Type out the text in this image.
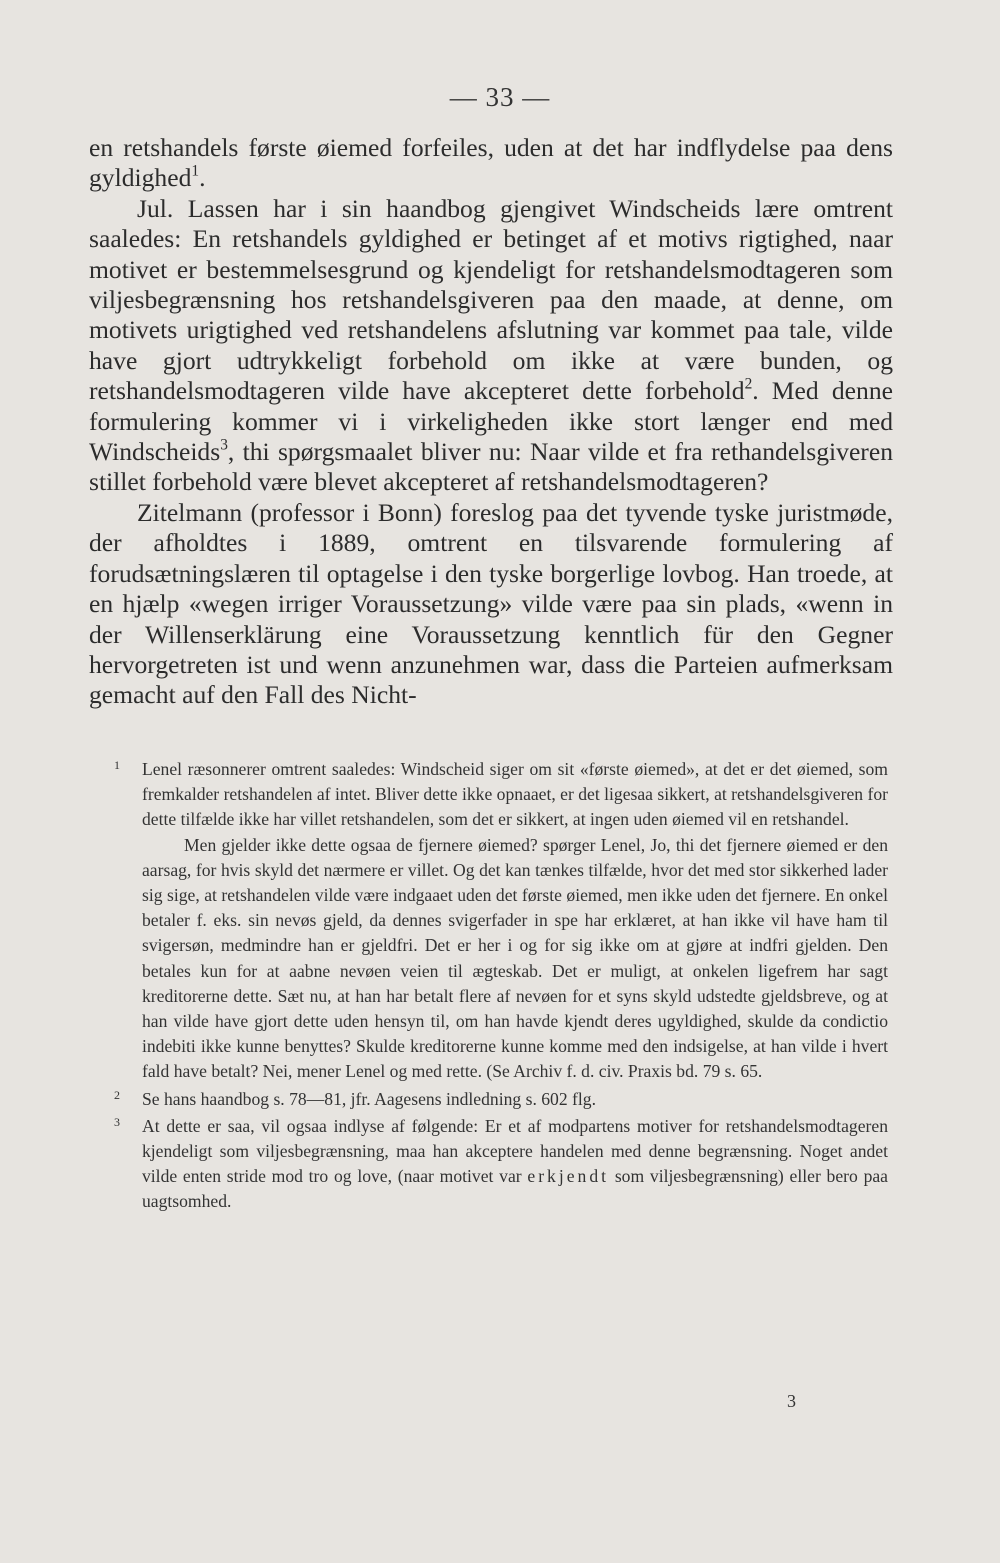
— 33 —

en retshandels første øiemed forfeiles, uden at det har indflydelse paa dens gyldighed$^1$.

Jul. Lassen har i sin haandbog gjengivet Windscheids lære omtrent saaledes: En retshandels gyldighed er betinget af et motivs rigtighed, naar motivet er bestemmelsesgrund og kjendeligt for retshandelsmodtageren som viljesbegrænsning hos retshandelsgiveren paa den maade, at denne, om motivets urigtighed ved retshandelens afslutning var kommet paa tale, vilde have gjort udtrykkeligt forbehold om ikke at være bunden, og retshandelsmodtageren vilde have akcepteret dette forbehold$^2$. Med denne formulering kommer vi i virkeligheden ikke stort længer end med Windscheids$^3$, thi spørgsmaalet bliver nu: Naar vilde et fra rethandelsgiveren stillet forbehold være blevet akcepteret af retshandelsmodtageren?

Zitelmann (professor i Bonn) foreslog paa det tyvende tyske juristmøde, der afholdtes i 1889, omtrent en tilsvarende formulering af forudsætningslæren til optagelse i den tyske borgerlige lovbog. Han troede, at en hjælp «wegen irriger Voraussetzung» vilde være paa sin plads, «wenn in der Willenserklärung eine Voraussetzung kenntlich für den Gegner hervorgetreten ist und wenn anzunehmen war, dass die Parteien aufmerksam gemacht auf den Fall des Nicht-

1 Lenel ræsonnerer omtrent saaledes: Windscheid siger om sit «første øiemed», at det er det øiemed, som fremkalder retshandelen af intet. Bliver dette ikke opnaaet, er det ligesaa sikkert, at retshandelsgiveren for dette tilfælde ikke har villet retshandelen, som det er sikkert, at ingen uden øiemed vil en retshandel.

Men gjelder ikke dette ogsaa de fjernere øiemed? spørger Lenel, Jo, thi det fjernere øiemed er den aarsag, for hvis skyld det nærmere er villet. Og det kan tænkes tilfælde, hvor det med stor sikkerhed lader sig sige, at retshandelen vilde være indgaaet uden det første øiemed, men ikke uden det fjernere. En onkel betaler f. eks. sin nevøs gjeld, da dennes svigerfader in spe har erklæret, at han ikke vil have ham til svigersøn, medmindre han er gjeldfri. Det er her i og for sig ikke om at gjøre at indfri gjelden. Den betales kun for at aabne nevøen veien til ægteskab. Det er muligt, at onkelen ligefrem har sagt kreditorerne dette. Sæt nu, at han har betalt flere af nevøen for et syns skyld udstedte gjeldsbreve, og at han vilde have gjort dette uden hensyn til, om han havde kjendt deres ugyldighed, skulde da condictio indebiti ikke kunne benyttes? Skulde kreditorerne kunne komme med den indsigelse, at han vilde i hvert fald have betalt? Nei, mener Lenel og med rette. (Se Archiv f. d. civ. Praxis bd. 79 s. 65.

2 Se hans haandbog s. 78—81, jfr. Aagesens indledning s. 602 flg.

3 At dette er saa, vil ogsaa indlyse af følgende: Er et af modpartens motiver for retshandelsmodtageren kjendeligt som viljesbegrænsning, maa han akceptere handelen med denne begrænsning. Noget andet vilde enten stride mod tro og love, (naar motivet var erkjendt som viljesbegrænsning) eller bero paa uagtsomhed.

3
